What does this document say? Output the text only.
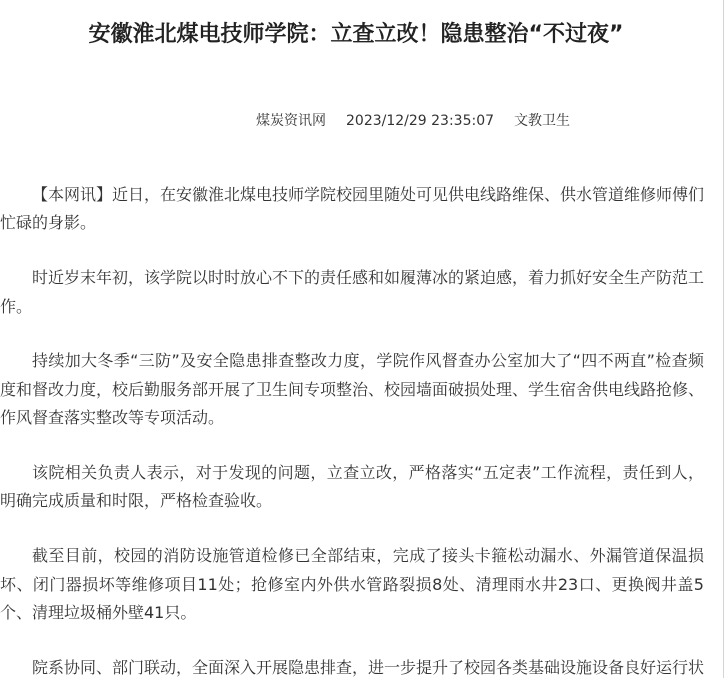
安徽淮北煤电技师学院：立查立改！隐患整治“不过夜”
煤炭资讯网 2023/12/29 23:35:07 文教卫生

【本网讯】近日，在安徽淮北煤电技师学院校园里随处可见供电线路维保、供水管道维修师傅们忙碌的身影。

时近岁末年初，该学院以时时放心不下的责任感和如履薄冰的紧迫感，着力抓好安全生产防范工作。

持续加大冬季“三防”及安全隐患排查整改力度，学院作风督查办公室加大了“四不两直”检查频度和督改力度，校后勤服务部开展了卫生间专项整治、校园墙面破损处理、学生宿舍供电线路抢修、作风督查落实整改等专项活动。

该院相关负责人表示，对于发现的问题，立查立改，严格落实“五定表”工作流程，责任到人，明确完成质量和时限，严格检查验收。

截至目前，校园的消防设施管道检修已全部结束，完成了接头卡箍松动漏水、外漏管道保温损坏、闭门器损坏等维修项目11处；抢修室内外供水管路裂损8处、清理雨水井23口、更换阀井盖5个、清理垃圾桶外壁41只。

院系协同、部门联动，全面深入开展隐患排查，进一步提升了校园各类基础设施设备良好运行状
